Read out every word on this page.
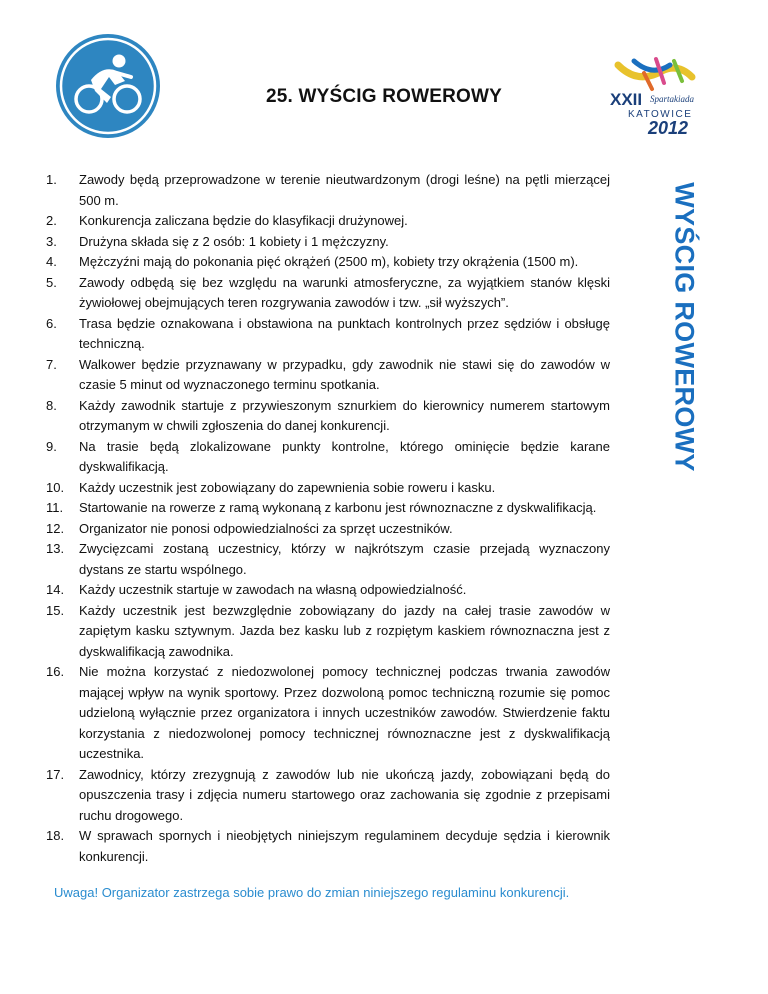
XXII Spartakiada
KATOWICE
2012
25. WYŚCIG ROWEROWY
WYŚCIG ROWEROWY
1. Zawody będą przeprowadzone w terenie nieutwardzonym (drogi leśne) na pętli mierzącej 500 m.
2. Konkurencja zaliczana będzie do klasyfikacji drużynowej.
3. Drużyna składa się z 2 osób: 1 kobiety i 1 mężczyzny.
4. Mężczyźni mają do pokonania pięć okrążeń (2500 m), kobiety trzy okrążenia (1500 m).
5. Zawody odbędą się bez względu na warunki atmosferyczne, za wyjątkiem stanów klęski żywiołowej obejmujących teren rozgrywania zawodów i tzw. „sił wyższych”.
6. Trasa będzie oznakowana i obstawiona na punktach kontrolnych przez sędziów i obsługę techniczną.
7. Walkower będzie przyznawany w przypadku, gdy zawodnik nie stawi się do zawodów w czasie 5 minut od wyznaczonego terminu spotkania.
8. Każdy zawodnik startuje z przywieszonym sznurkiem do kierownicy numerem startowym otrzymanym w chwili zgłoszenia do danej konkurencji.
9. Na trasie będą zlokalizowane punkty kontrolne, którego ominięcie będzie karane dyskwalifikacją.
10. Każdy uczestnik jest zobowiązany do zapewnienia sobie roweru i kasku.
11. Startowanie na rowerze z ramą wykonaną z karbonu jest równoznaczne z dyskwalifikacją.
12. Organizator nie ponosi odpowiedzialności za sprzęt uczestników.
13. Zwycięzcami zostaną uczestnicy, którzy w najkrótszym czasie przejadą wyznaczony dystans ze startu wspólnego.
14. Każdy uczestnik startuje w zawodach na własną odpowiedzialność.
15. Każdy uczestnik jest bezwzględnie zobowiązany do jazdy na całej trasie zawodów w zapiętym kasku sztywnym. Jazda bez kasku lub z rozpiętym kaskiem równoznaczna jest z dyskwalifikacją zawodnika.
16. Nie można korzystać z niedozwolonej pomocy technicznej podczas trwania zawodów mającej wpływ na wynik sportowy. Przez dozwoloną pomoc techniczną rozumie się pomoc udzieloną wyłącznie przez organizatora i innych uczestników zawodów. Stwierdzenie faktu korzystania z niedozwolonej pomocy technicznej równoznaczne jest z dyskwalifikacją uczestnika.
17. Zawodnicy, którzy zrezygnują z zawodów lub nie ukończą jazdy, zobowiązani będą do opuszczenia trasy i zdjęcia numeru startowego oraz zachowania się zgodnie z przepisami ruchu drogowego.
18. W sprawach spornych i nieobjętych niniejszym regulaminem decyduje sędzia i kierownik konkurencji.
Uwaga! Organizator zastrzega sobie prawo do zmian niniejszego regulaminu konkurencji.
